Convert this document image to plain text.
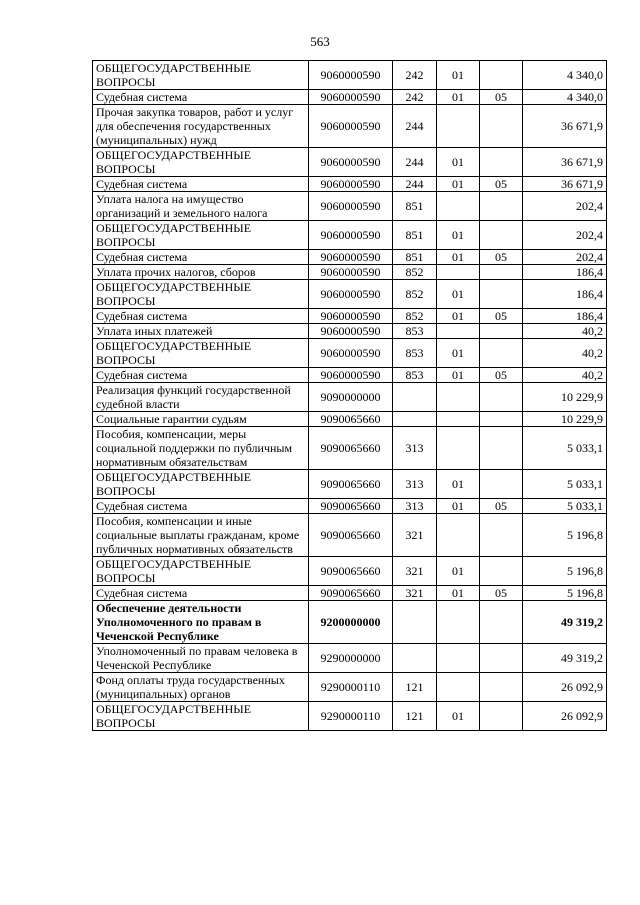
563
ОБЩЕГОСУДАРСТВЕННЫЕ ВОПРОСЫ	9060000590	242	01		4 340,0
Судебная система	9060000590	242	01	05	4 340,0
Прочая закупка товаров, работ и услуг для обеспечения государственных (муниципальных) нужд	9060000590	244			36 671,9
ОБЩЕГОСУДАРСТВЕННЫЕ ВОПРОСЫ	9060000590	244	01		36 671,9
Судебная система	9060000590	244	01	05	36 671,9
Уплата налога на имущество организаций и земельного налога	9060000590	851			202,4
ОБЩЕГОСУДАРСТВЕННЫЕ ВОПРОСЫ	9060000590	851	01		202,4
Судебная система	9060000590	851	01	05	202,4
Уплата прочих налогов, сборов	9060000590	852			186,4
ОБЩЕГОСУДАРСТВЕННЫЕ ВОПРОСЫ	9060000590	852	01		186,4
Судебная система	9060000590	852	01	05	186,4
Уплата иных платежей	9060000590	853			40,2
ОБЩЕГОСУДАРСТВЕННЫЕ ВОПРОСЫ	9060000590	853	01		40,2
Судебная система	9060000590	853	01	05	40,2
Реализация функций государственной судебной власти	9090000000				10 229,9
Социальные гарантии судьям	9090065660				10 229,9
Пособия, компенсации, меры социальной поддержки по публичным нормативным обязательствам	9090065660	313			5 033,1
ОБЩЕГОСУДАРСТВЕННЫЕ ВОПРОСЫ	9090065660	313	01		5 033,1
Судебная система	9090065660	313	01	05	5 033,1
Пособия, компенсации и иные социальные выплаты гражданам, кроме публичных нормативных обязательств	9090065660	321			5 196,8
ОБЩЕГОСУДАРСТВЕННЫЕ ВОПРОСЫ	9090065660	321	01		5 196,8
Судебная система	9090065660	321	01	05	5 196,8
Обеспечение деятельности Уполномоченного по правам в Чеченской Республике	9200000000				49 319,2
Уполномоченный по правам человека в Чеченской Республике	9290000000				49 319,2
Фонд оплаты труда государственных (муниципальных) органов	9290000110	121			26 092,9
ОБЩЕГОСУДАРСТВЕННЫЕ ВОПРОСЫ	9290000110	121	01		26 092,9
